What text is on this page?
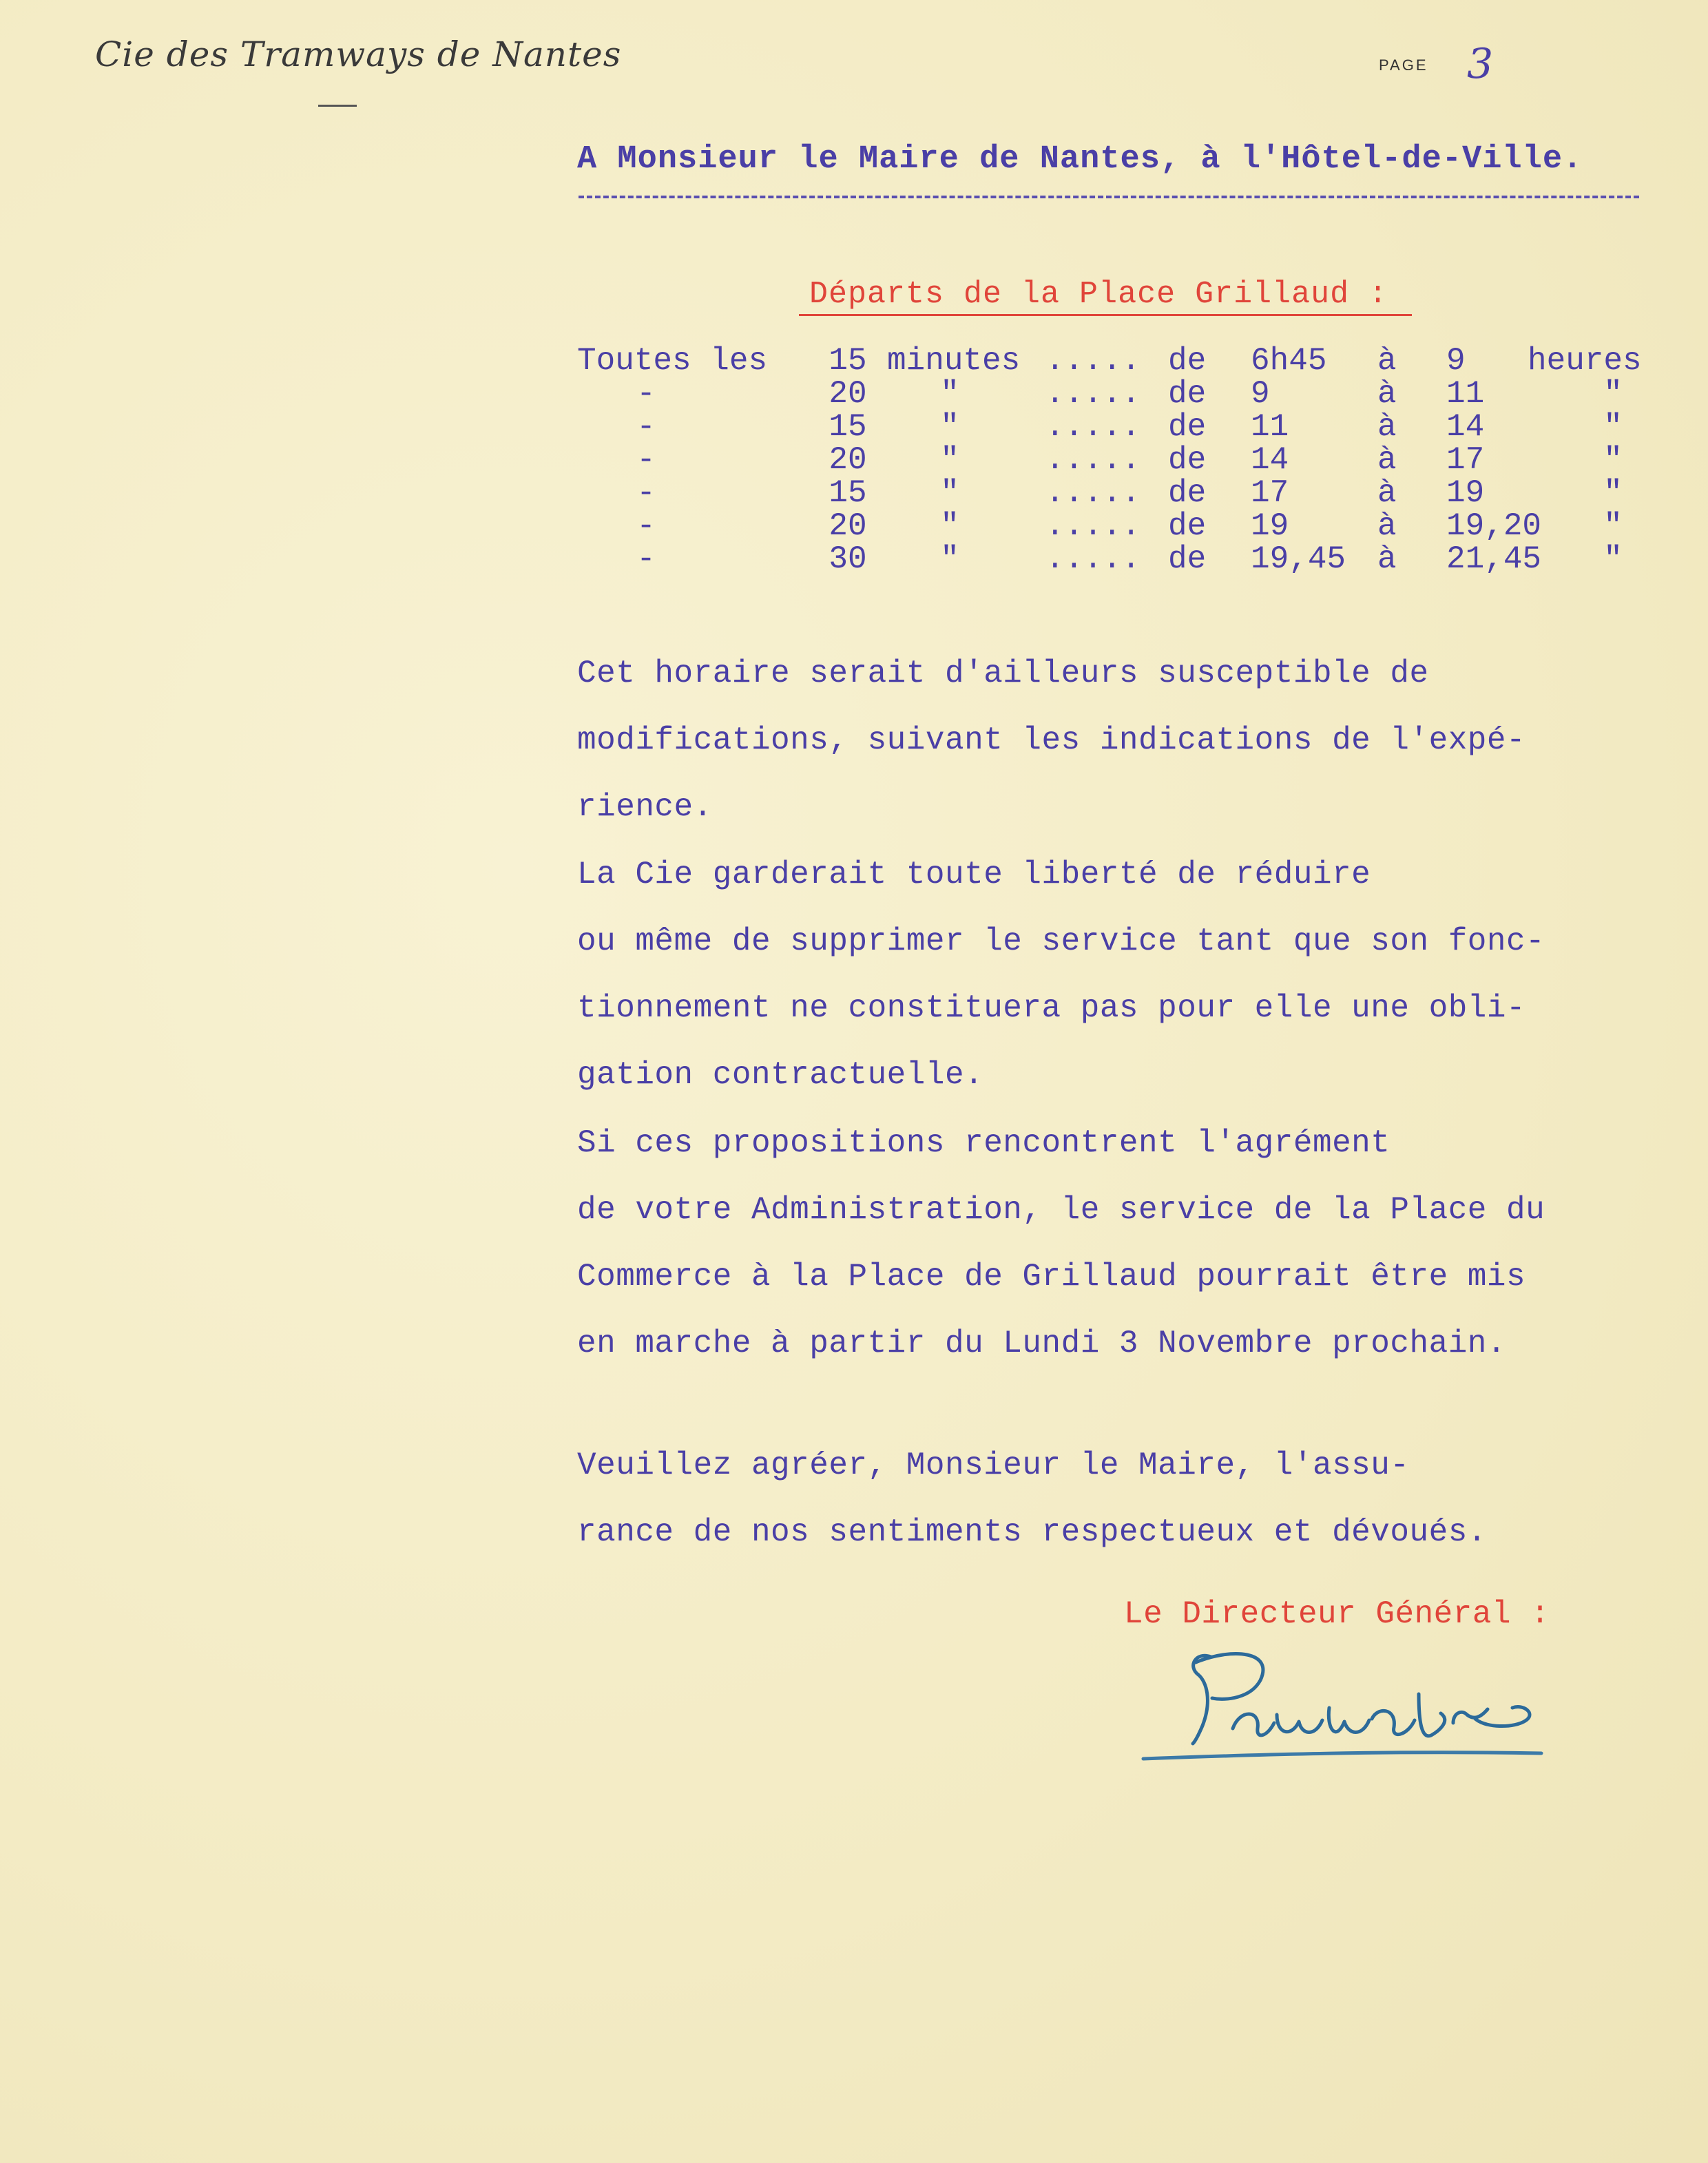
Cie des Tramways de Nantes	PAGE 3
A Monsieur le Maire de Nantes, à l'Hôtel-de-Ville.
Départs de la Place Grillaud :
Toutes les	15 minutes ..... de 6h45 à 9 heures
-	20	"	..... de 9	à 11	"
-	15	"	..... de 11	à 14	"
-	20	"	..... de 14	à 17	"
-	15	"	..... de 17	à 19	"
-	20	"	..... de 19	à 19,20	"
-	30	"	..... de 19,45 à 21,45	"
Cet horaire serait d'ailleurs susceptible de
modifications, suivant les indications de l'expé-
rience.
La Cie garderait toute liberté de réduire
ou même de supprimer le service tant que son fonc-
tionnement ne constituera pas pour elle une obli-
gation contractuelle.
Si ces propositions rencontrent l'agrément
de votre Administration, le service de la Place du
Commerce à la Place de Grillaud pourrait être mis
en marche à partir du Lundi 3 Novembre prochain.
Veuillez agréer, Monsieur le Maire, l'assu-
rance de nos sentiments respectueux et dévoués.
Le Directeur Général :
